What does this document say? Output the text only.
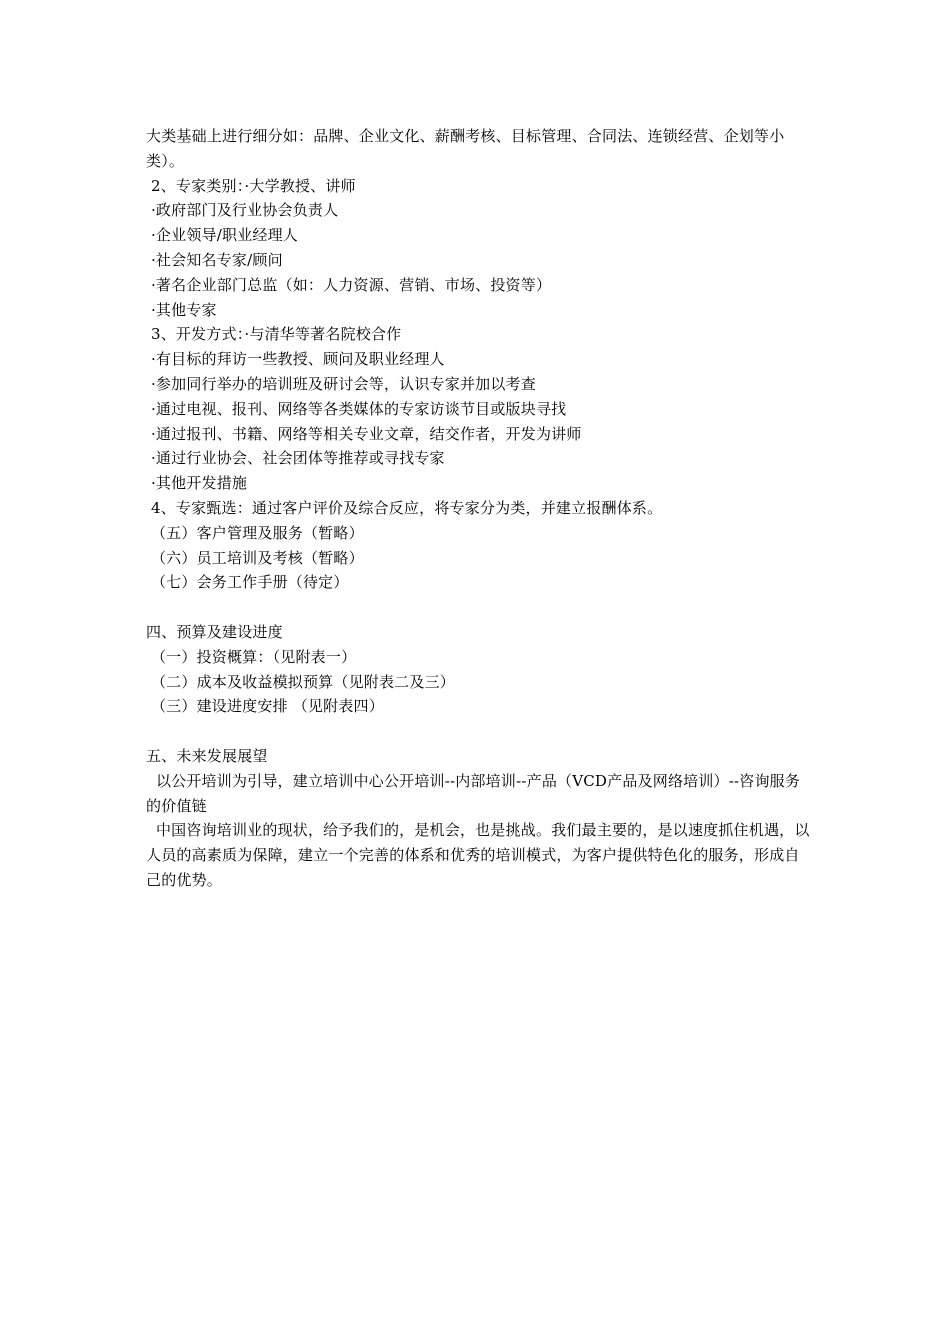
大类基础上进行细分如：品牌、企业文化、薪酬考核、目标管理、合同法、连锁经营、企划等小类）。
2、专家类别：·大学教授、讲师
·政府部门及行业协会负责人
·企业领导/职业经理人
·社会知名专家/顾问
·著名企业部门总监（如：人力资源、营销、市场、投资等）
·其他专家
3、开发方式：·与清华等著名院校合作
·有目标的拜访一些教授、顾问及职业经理人
·参加同行举办的培训班及研讨会等，认识专家并加以考查
·通过电视、报刊、网络等各类媒体的专家访谈节目或版块寻找
·通过报刊、书籍、网络等相关专业文章，结交作者，开发为讲师
·通过行业协会、社会团体等推荐或寻找专家
·其他开发措施
4、专家甄选：通过客户评价及综合反应，将专家分为类，并建立报酬体系。
（五）客户管理及服务（暂略）
（六）员工培训及考核（暂略）
（七）会务工作手册（待定）
四、预算及建设进度
（一）投资概算：（见附表一）
（二）成本及收益模拟预算（见附表二及三）
（三）建设进度安排 （见附表四）
五、未来发展展望
以公开培训为引导，建立培训中心公开培训--内部培训--产品（VCD产品及网络培训）--咨询服务的价值链
中国咨询培训业的现状，给予我们的，是机会，也是挑战。我们最主要的，是以速度抓住机遇，以人员的高素质为保障，建立一个完善的体系和优秀的培训模式，为客户提供特色化的服务，形成自己的优势。
